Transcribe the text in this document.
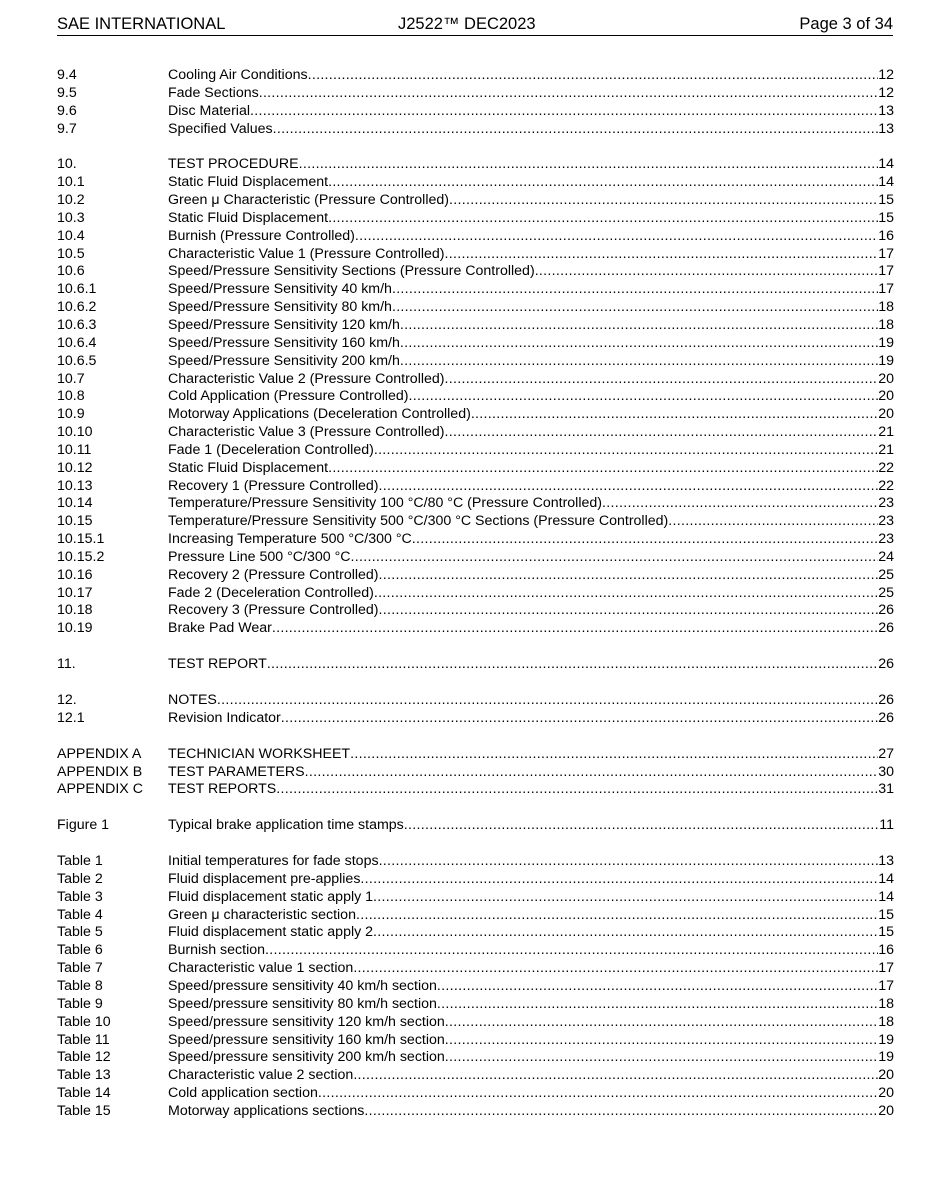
SAE INTERNATIONAL	J2522™ DEC2023	Page 3 of 34
9.4	Cooling Air Conditions .....	12
9.5	Fade Sections .....	12
9.6	Disc Material .....	13
9.7	Specified Values .....	13
10.	TEST PROCEDURE .....	14
10.1	Static Fluid Displacement .....	14
10.2	Green μ Characteristic (Pressure Controlled) .....	15
10.3	Static Fluid Displacement .....	15
10.4	Burnish (Pressure Controlled) .....	16
10.5	Characteristic Value 1 (Pressure Controlled) .....	17
10.6	Speed/Pressure Sensitivity Sections (Pressure Controlled) .....	17
10.6.1	Speed/Pressure Sensitivity 40 km/h .....	17
10.6.2	Speed/Pressure Sensitivity 80 km/h .....	18
10.6.3	Speed/Pressure Sensitivity 120 km/h .....	18
10.6.4	Speed/Pressure Sensitivity 160 km/h .....	19
10.6.5	Speed/Pressure Sensitivity 200 km/h .....	19
10.7	Characteristic Value 2 (Pressure Controlled) .....	20
10.8	Cold Application (Pressure Controlled) .....	20
10.9	Motorway Applications (Deceleration Controlled) .....	20
10.10	Characteristic Value 3 (Pressure Controlled) .....	21
10.11	Fade 1 (Deceleration Controlled) .....	21
10.12	Static Fluid Displacement .....	22
10.13	Recovery 1 (Pressure Controlled) .....	22
10.14	Temperature/Pressure Sensitivity 100 °C/80 °C (Pressure Controlled) .....	23
10.15	Temperature/Pressure Sensitivity 500 °C/300 °C Sections (Pressure Controlled) .....	23
10.15.1	Increasing Temperature 500 °C/300 °C .....	23
10.15.2	Pressure Line 500 °C/300 °C .....	24
10.16	Recovery 2 (Pressure Controlled) .....	25
10.17	Fade 2 (Deceleration Controlled) .....	25
10.18	Recovery 3 (Pressure Controlled) .....	26
10.19	Brake Pad Wear .....	26
11.	TEST REPORT .....	26
12.	NOTES .....	26
12.1	Revision Indicator .....	26
APPENDIX A	TECHNICIAN WORKSHEET .....	27
APPENDIX B	TEST PARAMETERS .....	30
APPENDIX C	TEST REPORTS .....	31
Figure 1	Typical brake application time stamps .....	11
Table 1	Initial temperatures for fade stops .....	13
Table 2	Fluid displacement pre-applies .....	14
Table 3	Fluid displacement static apply 1 .....	14
Table 4	Green μ characteristic section .....	15
Table 5	Fluid displacement static apply 2 .....	15
Table 6	Burnish section .....	16
Table 7	Characteristic value 1 section .....	17
Table 8	Speed/pressure sensitivity 40 km/h section .....	17
Table 9	Speed/pressure sensitivity 80 km/h section .....	18
Table 10	Speed/pressure sensitivity 120 km/h section .....	18
Table 11	Speed/pressure sensitivity 160 km/h section .....	19
Table 12	Speed/pressure sensitivity 200 km/h section .....	19
Table 13	Characteristic value 2 section .....	20
Table 14	Cold application section .....	20
Table 15	Motorway applications sections .....	20
